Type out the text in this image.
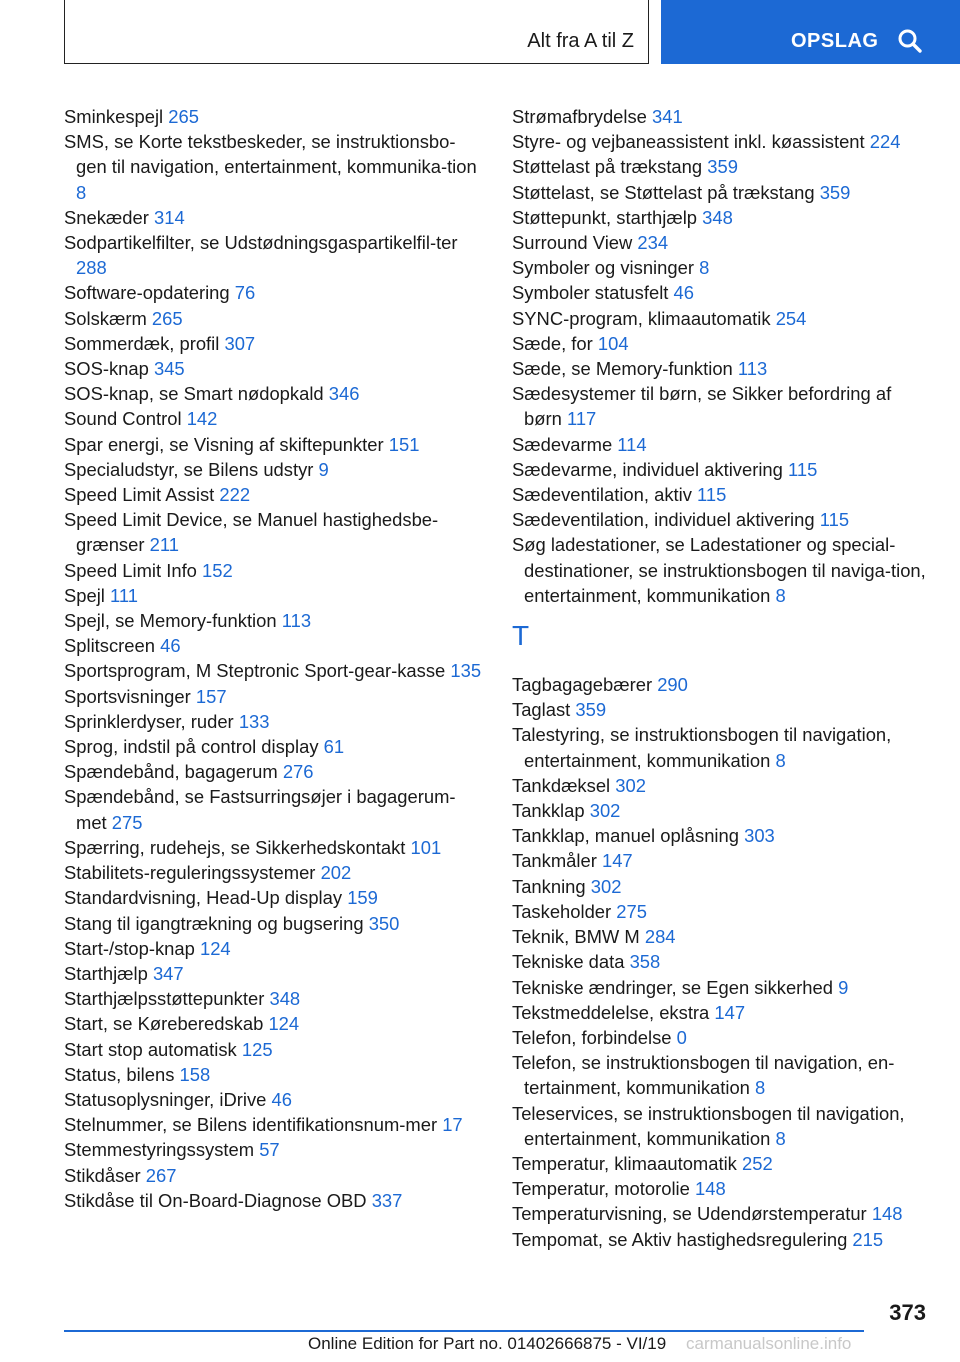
Alt fra A til Z	OPSLAG

Sminkespejl 265

SMS, se Korte tekstbeskeder, se instruktionsbo-gen til navigation, entertainment, kommunika-tion 8

Snekæder 314

Sodpartikelfilter, se Udstødningsgaspartikelfil-ter 288

Software-opdatering 76

Solskærm 265

Sommerdæk, profil 307

SOS-knap 345

SOS-knap, se Smart nødopkald 346

Sound Control 142

Spar energi, se Visning af skiftepunkter 151

Specialudstyr, se Bilens udstyr 9

Speed Limit Assist 222

Speed Limit Device, se Manuel hastighedsbe-grænser 211

Speed Limit Info 152

Spejl 111

Spejl, se Memory-funktion 113

Splitscreen 46

Sportsprogram, M Steptronic Sport-gear-kasse 135

Sportsvisninger 157

Sprinklerdyser, ruder 133

Sprog, indstil på control display 61

Spændebånd, bagagerum 276

Spændebånd, se Fastsurringsøjer i bagagerum-met 275

Spærring, rudehejs, se Sikkerhedskontakt 101

Stabilitets-reguleringssystemer 202

Standardvisning, Head-Up display 159

Stang til igangtrækning og bugsering 350

Start-/stop-knap 124

Starthjælp 347

Starthjælpsstøttepunkter 348

Start, se Køreberedskab 124

Start stop automatisk 125

Status, bilens 158

Statusoplysninger, iDrive 46

Stelnummer, se Bilens identifikationsnum-mer 17

Stemmestyringssystem 57

Stikdåser 267

Stikdåse til On-Board-Diagnose OBD 337

Strømafbrydelse 341

Styre- og vejbaneassistent inkl. køassistent 224

Støttelast på trækstang 359

Støttelast, se Støttelast på trækstang 359

Støttepunkt, starthjælp 348

Surround View 234

Symboler og visninger 8

Symboler statusfelt 46

SYNC-program, klimaautomatik 254

Sæde, for 104

Sæde, se Memory-funktion 113

Sædesystemer til børn, se Sikker befordring af børn 117

Sædevarme 114

Sædevarme, individuel aktivering 115

Sædeventilation, aktiv 115

Sædeventilation, individuel aktivering 115

Søg ladestationer, se Ladestationer og special-destinationer, se instruktionsbogen til naviga-tion, entertainment, kommunikation 8

T

Tagbagagebærer 290

Taglast 359

Talestyring, se instruktionsbogen til navigation, entertainment, kommunikation 8

Tankdæksel 302

Tankklap 302

Tankklap, manuel oplåsning 303

Tankmåler 147

Tankning 302

Taskeholder 275

Teknik, BMW M 284

Tekniske data 358

Tekniske ændringer, se Egen sikkerhed 9

Tekstmeddelelse, ekstra 147

Telefon, forbindelse 0

Telefon, se instruktionsbogen til navigation, en-tertainment, kommunikation 8

Teleservices, se instruktionsbogen til navigation, entertainment, kommunikation 8

Temperatur, klimaautomatik 252

Temperatur, motorolie 148

Temperaturvisning, se Udendørstemperatur 148

Tempomat, se Aktiv hastighedsregulering 215

373
Online Edition for Part no. 01402666875 - VI/19 carmanualsonline.info
